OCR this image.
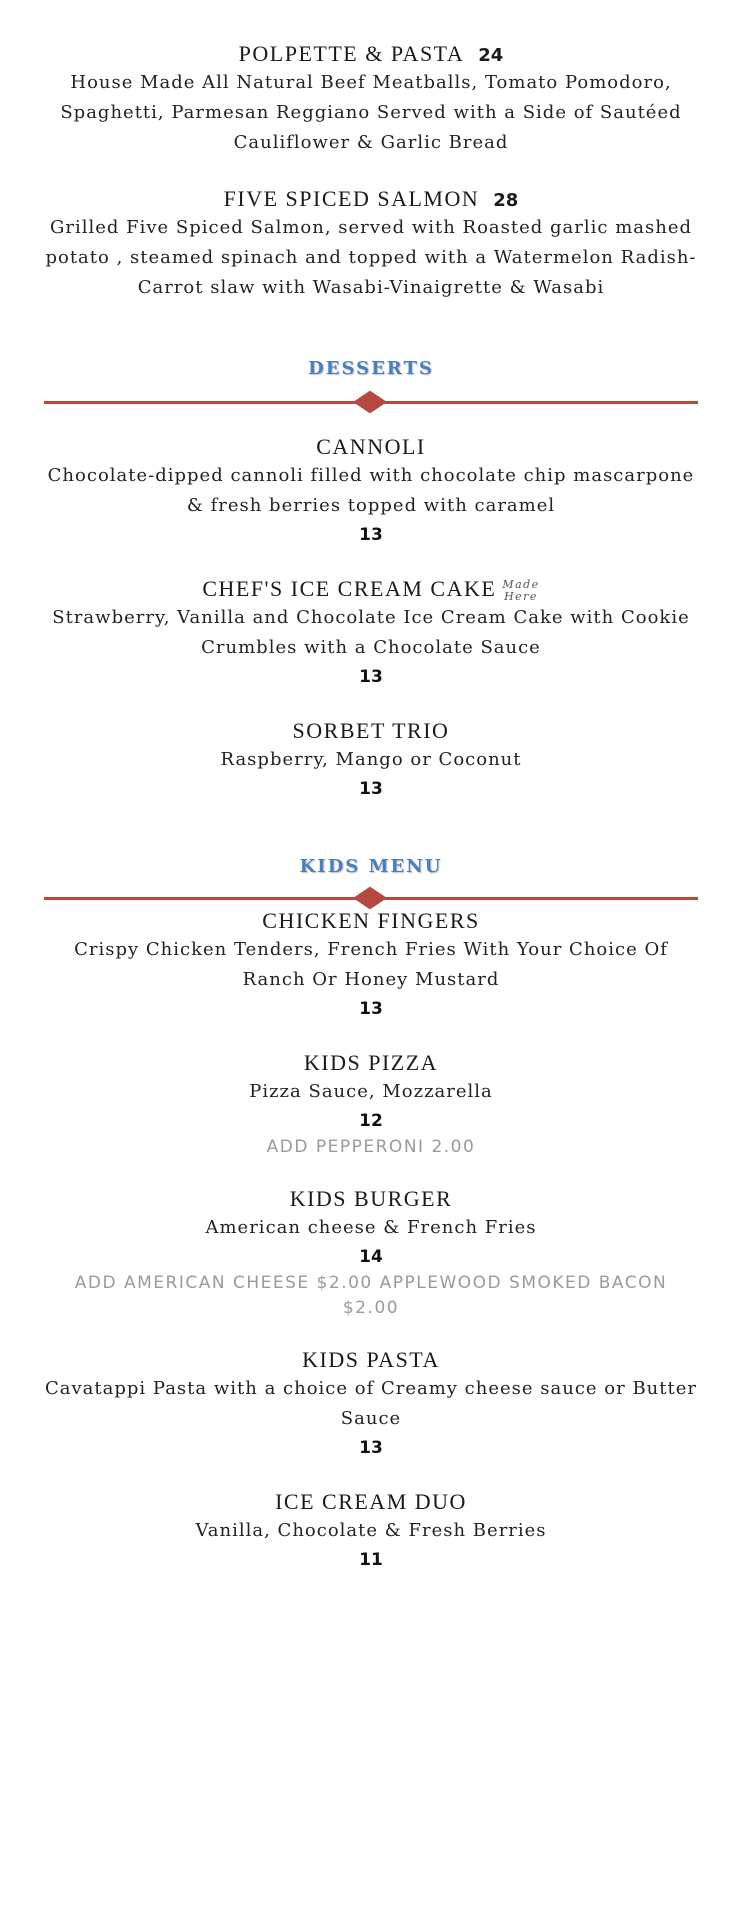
POLPETTE & PASTA 24
House Made All Natural Beef Meatballs, Tomato Pomodoro, Spaghetti, Parmesan Reggiano Served with a Side of Sautéed Cauliflower & Garlic Bread
FIVE SPICED SALMON 28
Grilled Five Spiced Salmon, served with Roasted garlic mashed potato , steamed spinach and topped with a Watermelon Radish-Carrot slaw with Wasabi-Vinaigrette & Wasabi
DESSERTS
CANNOLI
Chocolate-dipped cannoli filled with chocolate chip mascarpone & fresh berries topped with caramel
13
CHEF'S ICE CREAM CAKE Made
Here
Strawberry, Vanilla and Chocolate Ice Cream Cake with Cookie Crumbles with a Chocolate Sauce
13
SORBET TRIO
Raspberry, Mango or Coconut
13
KIDS MENU
CHICKEN FINGERS
Crispy Chicken Tenders, French Fries With Your Choice Of Ranch Or Honey Mustard
13
KIDS PIZZA
Pizza Sauce, Mozzarella
12
ADD PEPPERONI 2.00
KIDS BURGER
American cheese & French Fries
14
ADD AMERICAN CHEESE $2.00 APPLEWOOD SMOKED BACON $2.00
KIDS PASTA
Cavatappi Pasta with a choice of Creamy cheese sauce or Butter Sauce
13
ICE CREAM DUO
Vanilla, Chocolate & Fresh Berries
11
